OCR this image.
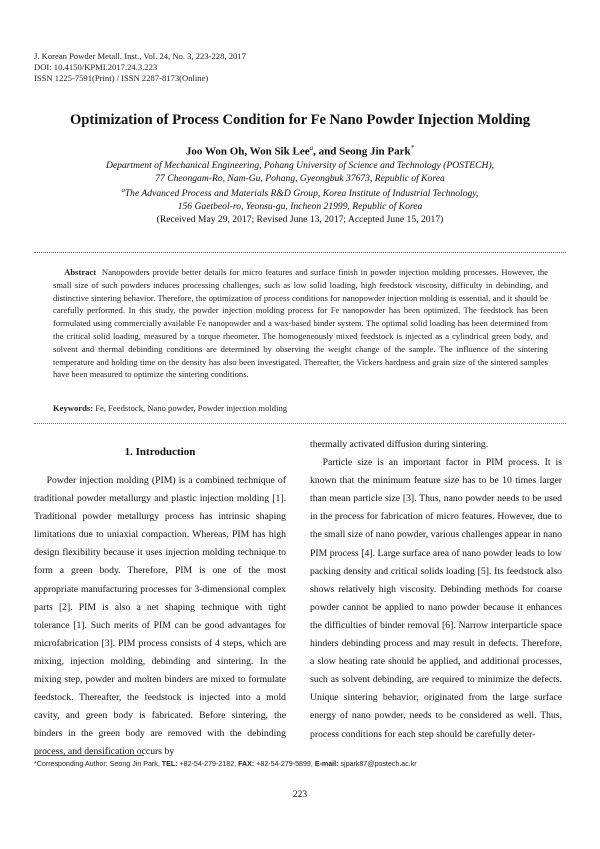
J. Korean Powder Metall. Inst., Vol. 24, No. 3, 223-228, 2017
DOI: 10.4150/KPMI.2017.24.3.223
ISSN 1225-7591(Print) / ISSN 2287-8173(Online)
Optimization of Process Condition for Fe Nano Powder Injection Molding
Joo Won Oh, Won Sik Lee$^a$, and Seong Jin Park*
Department of Mechanical Engineering, Pohang University of Science and Technology (POSTECH),
77 Cheongam-Ro, Nam-Gu, Pohang, Gyeongbuk 37673, Republic of Korea
$^a$The Advanced Process and Materials R&D Group, Korea Institute of Industrial Technology,
156 Gaetbeol-ro, Yeonsu-gu, Incheon 21999, Republic of Korea
(Received May 29, 2017; Revised June 13, 2017; Accepted June 15, 2017)
Abstract Nanopowders provide better details for micro features and surface finish in powder injection molding processes. However, the small size of such powders induces processing challenges, such as low solid loading, high feedstock viscosity, difficulty in debinding, and distinctive sintering behavior. Therefore, the optimization of process conditions for nanopowder injection molding is essential, and it should be carefully performed. In this study, the powder injection molding process for Fe nanopowder has been optimized. The feedstock has been formulated using commercially available Fe nanopowder and a wax-based binder system. The optimal solid loading has been determined from the critical solid loading, measured by a torque rheometer. The homogeneously mixed feedstock is injected as a cylindrical green body, and solvent and thermal debinding conditions are determined by observing the weight change of the sample. The influence of the sintering temperature and holding time on the density has also been investigated. Thereafter, the Vickers hardness and grain size of the sintered samples have been measured to optimize the sintering conditions.
Keywords: Fe, Feedstock, Nano powder, Powder injection molding
1. Introduction

Powder injection molding (PIM) is a combined technique of traditional powder metallurgy and plastic injection molding [1]. Traditional powder metallurgy process has intrinsic shaping limitations due to uniaxial compaction. Whereas, PIM has high design flexibility because it uses injection molding technique to form a green body. Therefore, PIM is one of the most appropriate manufacturing processes for 3-dimensional complex parts [2]. PIM is also a net shaping technique with tight tolerance [1]. Such merits of PIM can be good advantages for microfabrication [3]. PIM process consists of 4 steps, which are mixing, injection molding, debinding and sintering. In the mixing step, powder and molten binders are mixed to formulate feedstock. Thereafter, the feedstock is injected into a mold cavity, and green body is fabricated. Before sintering, the binders in the green body are removed with the debinding process, and densification occurs by

thermally activated diffusion during sintering.

Particle size is an important factor in PIM process. It is known that the minimum feature size has to be 10 times larger than mean particle size [3]. Thus, nano powder needs to be used in the process for fabrication of micro features. However, due to the small size of nano powder, various challenges appear in nano PIM process [4]. Large surface area of nano powder leads to low packing density and critical solids loading [5]. Its feedstock also shows relatively high viscosity. Debinding methods for coarse powder cannot be applied to nano powder because it enhances the difficulties of binder removal [6]. Narrow interparticle space hinders debinding process and may result in defects. Therefore, a slow heating rate should be applied, and additional processes, such as solvent debinding, are required to minimize the defects. Unique sintering behavior, originated from the large surface energy of nano powder, needs to be considered as well. Thus, process conditions for each step should be carefully deter-

*Corresponding Author: Seong Jin Park, TEL: +82-54-279-2182, FAX: +82-54-279-5899, E-mail: sjpark87@postech.ac.kr
223
